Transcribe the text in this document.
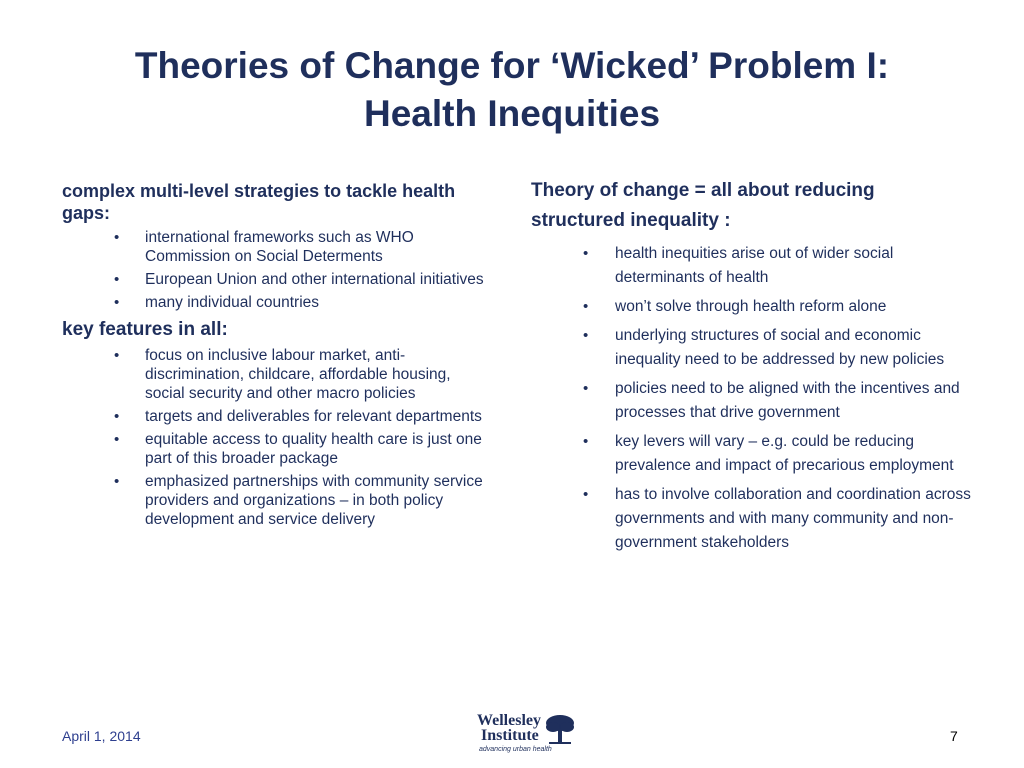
Theories of Change for ‘Wicked’ Problem I:
Health Inequities
complex multi-level strategies to tackle health gaps:
• international frameworks such as WHO Commission on Social Determents
• European Union and other international initiatives
• many individual countries
key features in all:
• focus on inclusive labour market, anti-discrimination, childcare, affordable housing, social security and other macro policies
• targets and deliverables for relevant departments
• equitable access to quality health care is just one part of this broader package
• emphasized partnerships with community service providers and organizations – in both policy development and service delivery
Theory of change = all about reducing structured inequality :
• health inequities arise out of wider social determinants of health
• won’t solve through health reform alone
• underlying structures of social and economic inequality need to be addressed by new policies
• policies need to be aligned with the incentives and processes that drive government
• key levers will vary – e.g. could be reducing prevalence and impact of precarious employment
• has to involve collaboration and coordination across governments and with many community and non-government stakeholders
April 1, 2014
Wellesley
Institute
advancing urban health
7
